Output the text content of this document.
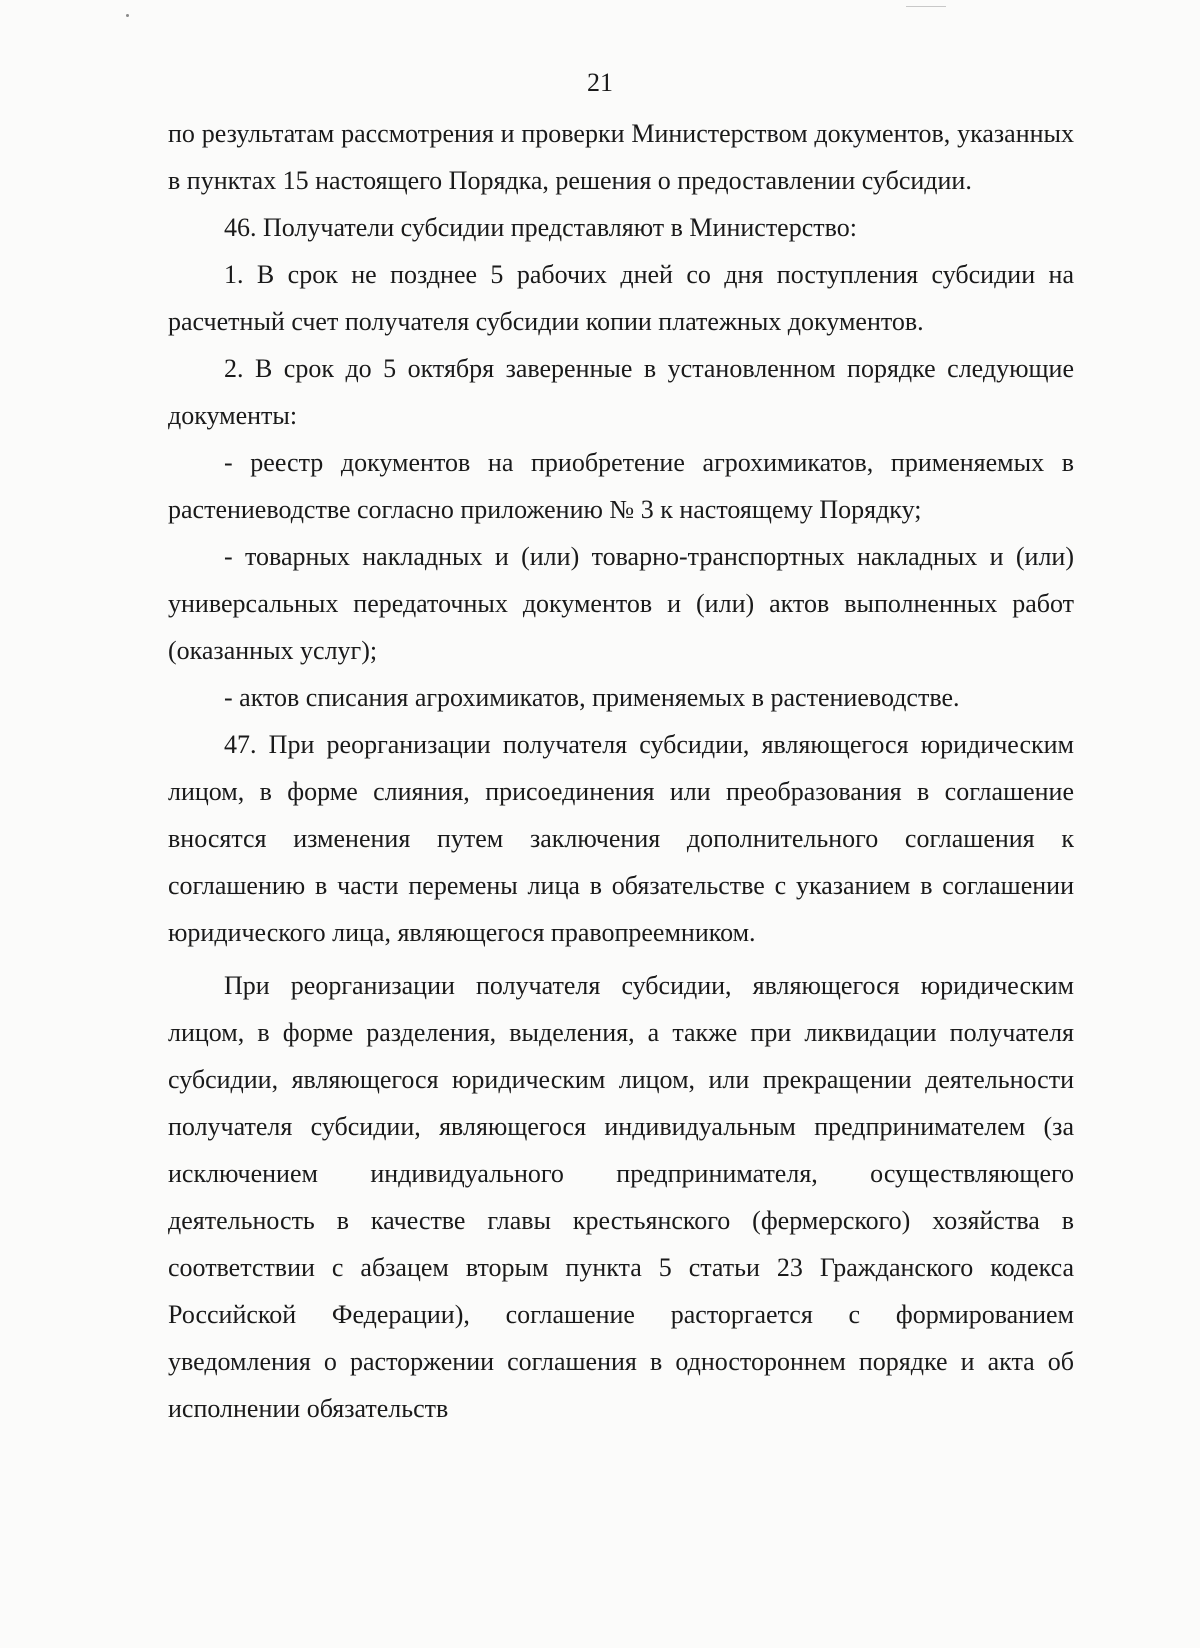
21

по результатам рассмотрения и проверки Министерством документов, указанных в пунктах 15 настоящего Порядка, решения о предоставлении субсидии.

46. Получатели субсидии представляют в Министерство:

1. В срок не позднее 5 рабочих дней со дня поступления субсидии на расчетный счет получателя субсидии копии платежных документов.

2. В срок до 5 октября заверенные в установленном порядке следующие документы:

- реестр документов на приобретение агрохимикатов, применяемых в растениеводстве согласно приложению № 3 к настоящему Порядку;

- товарных накладных и (или) товарно-транспортных накладных и (или) универсальных передаточных документов и (или) актов выполненных работ (оказанных услуг);

- актов списания агрохимикатов, применяемых в растениеводстве.

47. При реорганизации получателя субсидии, являющегося юридическим лицом, в форме слияния, присоединения или преобразования в соглашение вносятся изменения путем заключения дополнительного соглашения к соглашению в части перемены лица в обязательстве с указанием в соглашении юридического лица, являющегося правопреемником.

При реорганизации получателя субсидии, являющегося юридическим лицом, в форме разделения, выделения, а также при ликвидации получателя субсидии, являющегося юридическим лицом, или прекращении деятельности получателя субсидии, являющегося индивидуальным предпринимателем (за исключением индивидуального предпринимателя, осуществляющего деятельность в качестве главы крестьянского (фермерского) хозяйства в соответствии с абзацем вторым пункта 5 статьи 23 Гражданского кодекса Российской Федерации), соглашение расторгается с формированием уведомления о расторжении соглашения в одностороннем порядке и акта об исполнении обязательств
